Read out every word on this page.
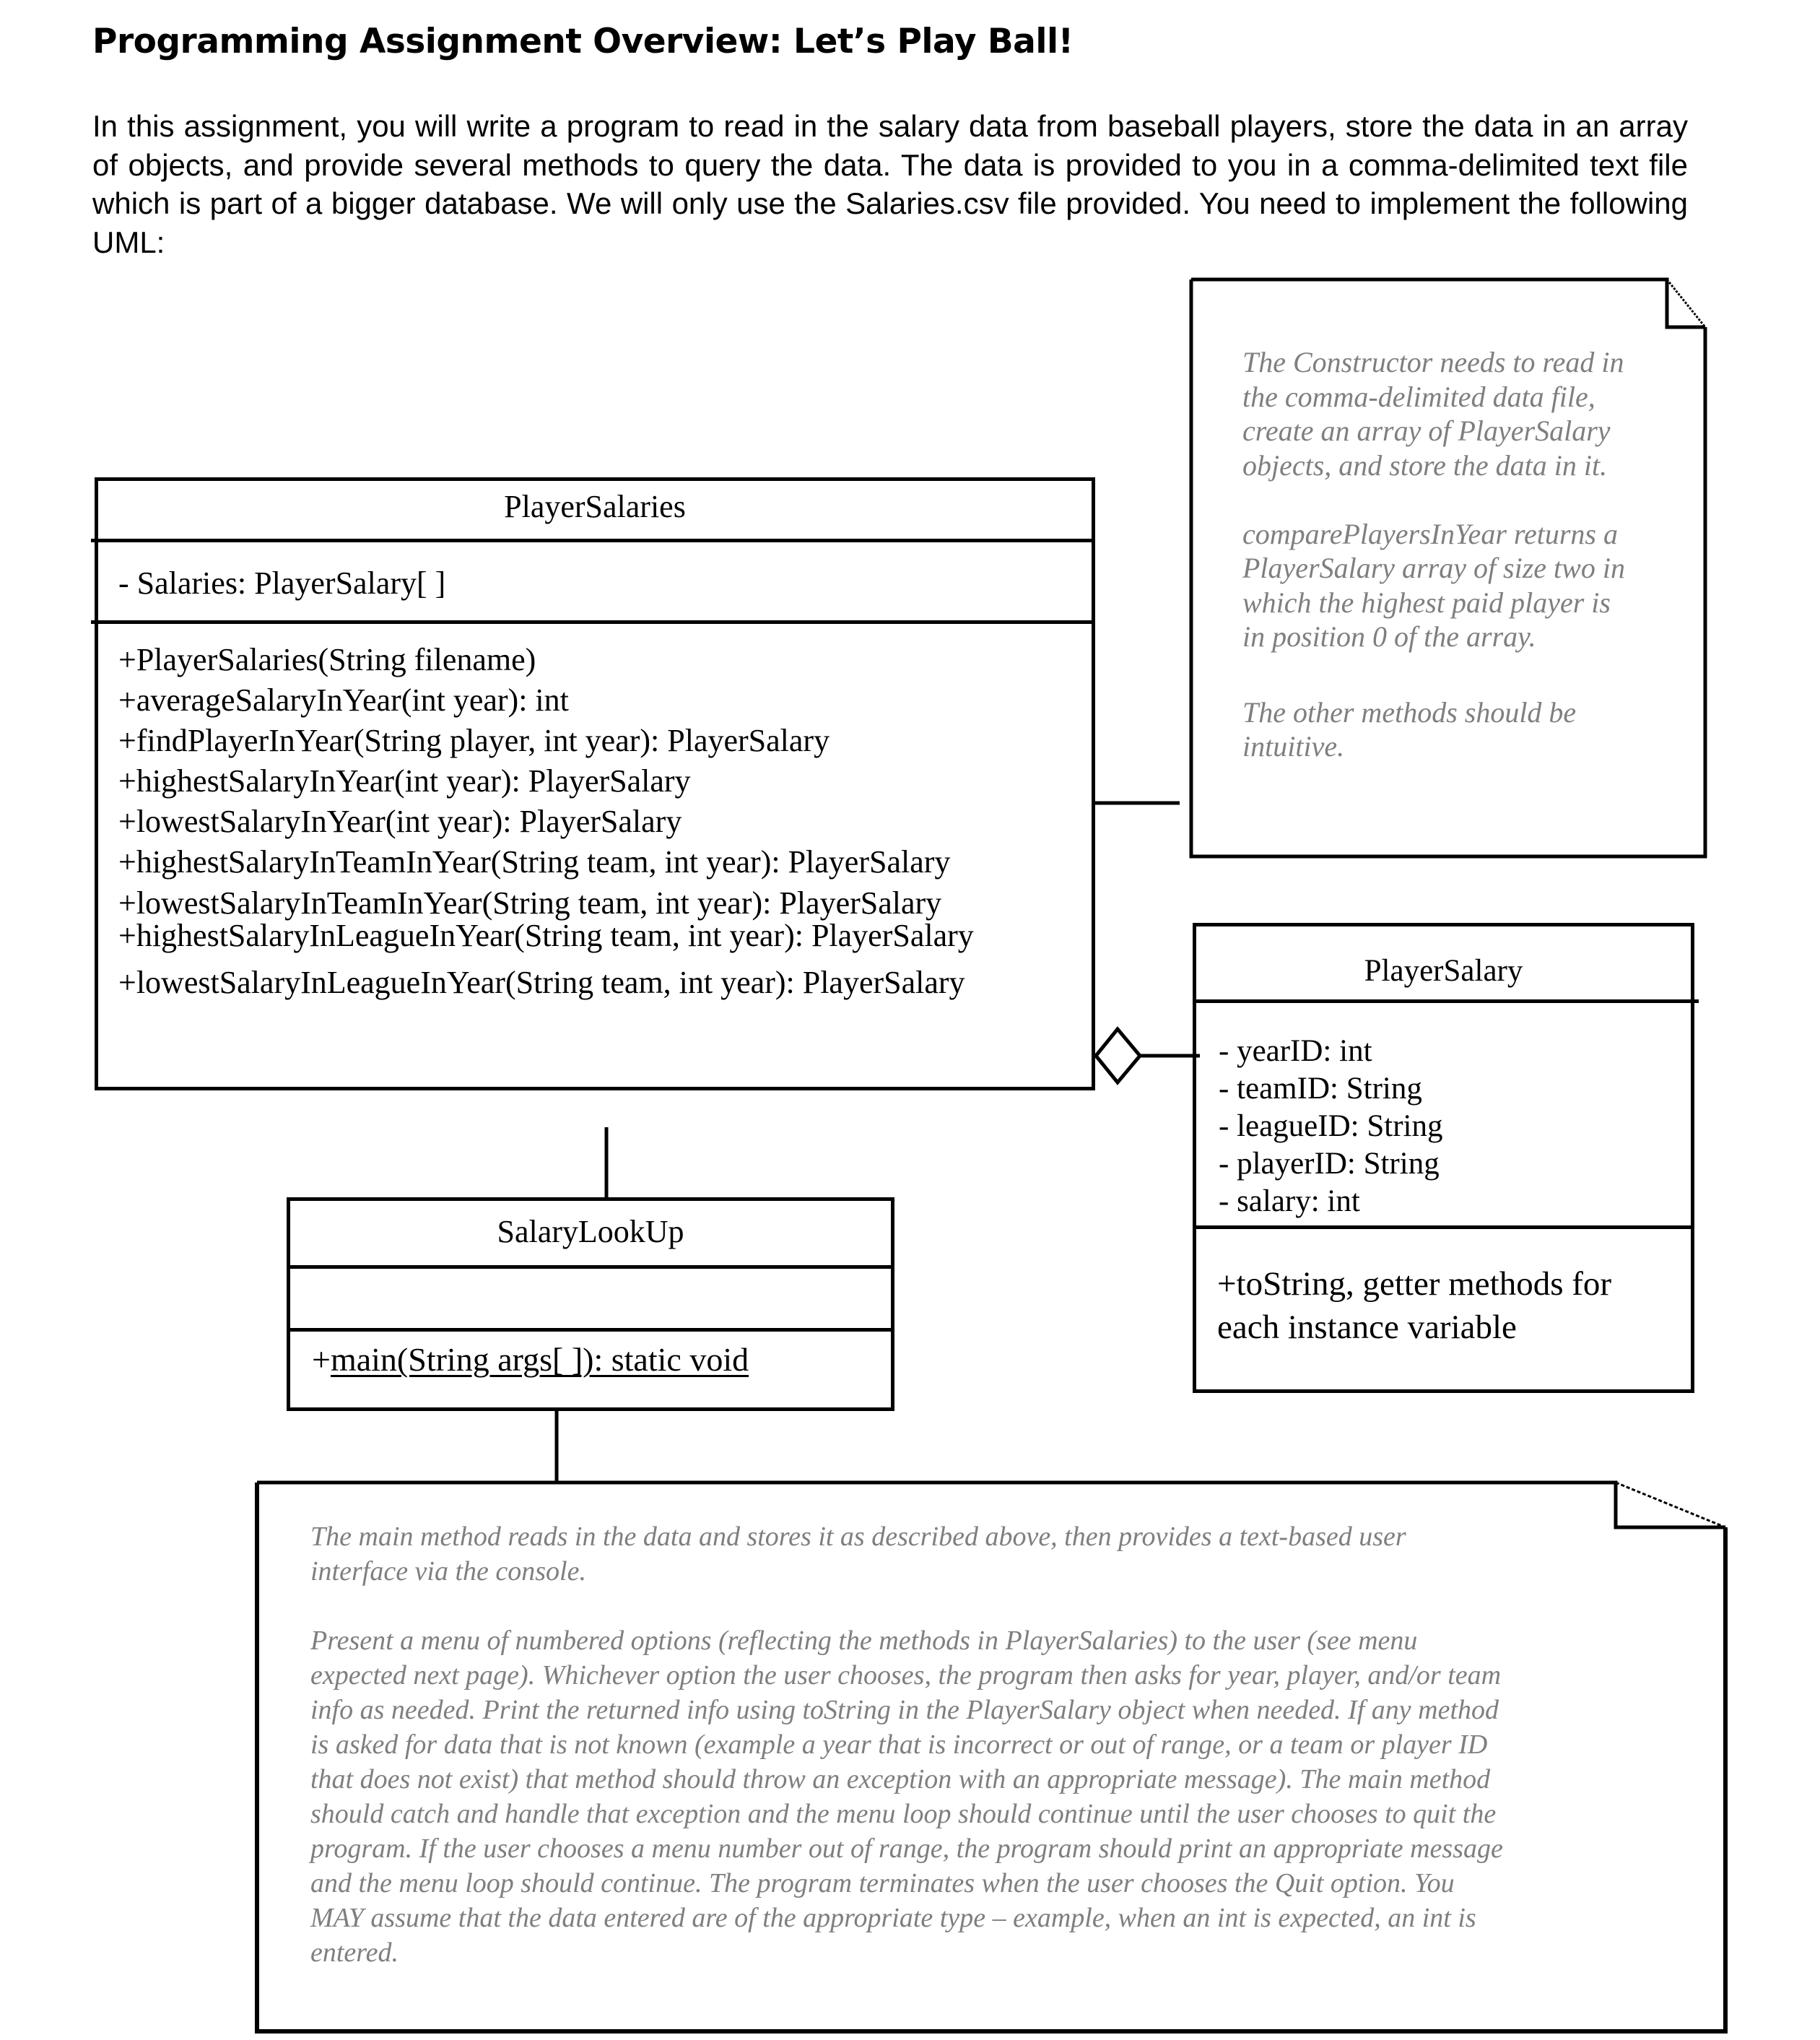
Programming Assignment Overview: Let’s Play Ball!
In this assignment, you will write a program to read in the salary data from baseball players, store the data in an array
of objects, and provide several methods to query the data. The data is provided to you in a comma-delimited text file
which is part of a bigger database. We will only use the Salaries.csv file provided. You need to implement the following
UML:
The Constructor needs to read in
the comma-delimited data file,
create an array of PlayerSalary
objects, and store the data in it.
comparePlayersInYear returns a
PlayerSalary array of size two in
which the highest paid player is
in position 0 of the array.
The other methods should be
intuitive.
PlayerSalaries
- Salaries: PlayerSalary[ ]
+PlayerSalaries(String filename)
+averageSalaryInYear(int year): int
+findPlayerInYear(String player, int year): PlayerSalary
+highestSalaryInYear(int year): PlayerSalary
+lowestSalaryInYear(int year): PlayerSalary
+highestSalaryInTeamInYear(String team, int year): PlayerSalary
+lowestSalaryInTeamInYear(String team, int year): PlayerSalary
+highestSalaryInLeagueInYear(String team, int year): PlayerSalary
+lowestSalaryInLeagueInYear(String team, int year): PlayerSalary	PlayerSalary
- yearID: int
- teamID: String
- leagueID: String
- playerID: String
- salary: int
+toString, getter methods for
each instance variable
SalaryLookUp
+main(String args[ ]): static void
The main method reads in the data and stores it as described above, then provides a text-based user
interface via the console.
Present a menu of numbered options (reflecting the methods in PlayerSalaries) to the user (see menu
expected next page). Whichever option the user chooses, the program then asks for year, player, and/or team
info as needed. Print the returned info using toString in the PlayerSalary object when needed. If any method
is asked for data that is not known (example a year that is incorrect or out of range, or a team or player ID
that does not exist) that method should throw an exception with an appropriate message). The main method
should catch and handle that exception and the menu loop should continue until the user chooses to quit the
program. If the user chooses a menu number out of range, the program should print an appropriate message
and the menu loop should continue. The program terminates when the user chooses the Quit option. You
MAY assume that the data entered are of the appropriate type – example, when an int is expected, an int is
entered.
